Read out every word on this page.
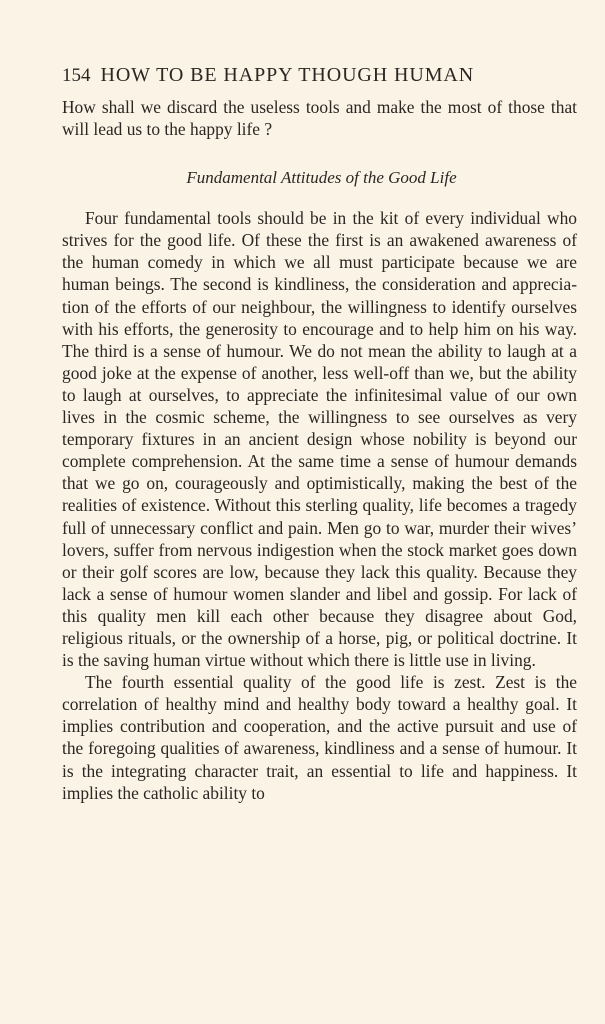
154 HOW TO BE HAPPY THOUGH HUMAN

How shall we discard the useless tools and make the most of those that will lead us to the happy life ?

Fundamental Attitudes of the Good Life

Four fundamental tools should be in the kit of every individual who strives for the good life. Of these the first is an awakened awareness of the human comedy in which we all must participate because we are human beings. The second is kindliness, the consideration and appreciation of the efforts of our neighbour, the willingness to identify ourselves with his efforts, the generosity to encourage and to help him on his way. The third is a sense of humour. We do not mean the ability to laugh at a good joke at the expense of another, less well-off than we, but the ability to laugh at ourselves, to appreciate the infinitesimal value of our own lives in the cosmic scheme, the willingness to see ourselves as very temporary fixtures in an ancient design whose nobility is beyond our complete comprehension. At the same time a sense of humour demands that we go on, courageously and optimistically, making the best of the realities of existence. Without this sterling quality, life becomes a tragedy full of unnecessary conflict and pain. Men go to war, murder their wives’ lovers, suffer from nervous indigestion when the stock market goes down or their golf scores are low, because they lack this quality. Because they lack a sense of humour women slander and libel and gossip. For lack of this quality men kill each other because they disagree about God, religious rituals, or the ownership of a horse, pig, or political doctrine. It is the saving human virtue without which there is little use in living.

The fourth essential quality of the good life is zest. Zest is the correlation of healthy mind and healthy body toward a healthy goal. It implies contribution and cooperation, and the active pursuit and use of the foregoing qualities of awareness, kindliness and a sense of humour. It is the integrating character trait, an essential to life and happiness. It implies the catholic ability to
